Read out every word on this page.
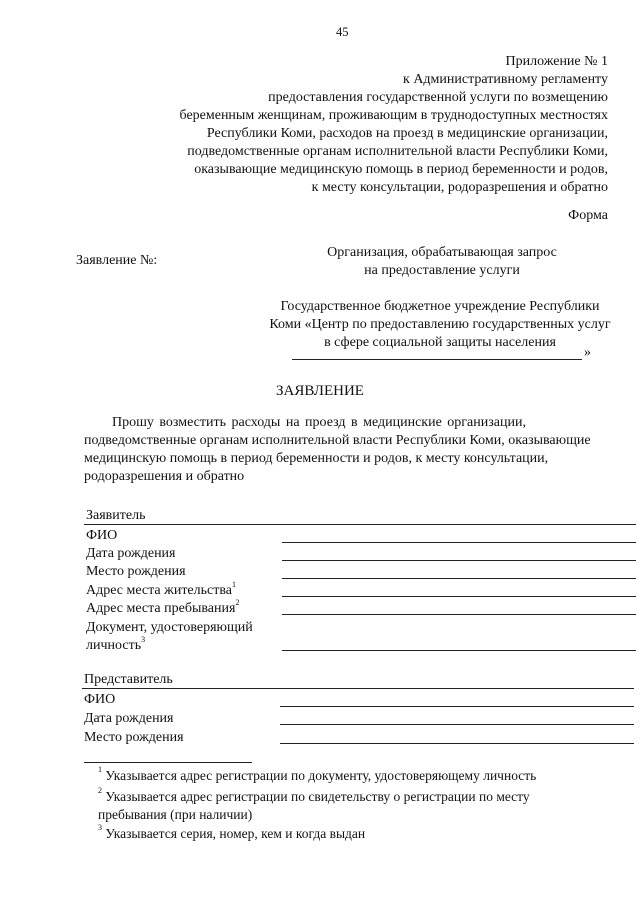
45
Приложение № 1
к Административному регламенту
предоставления государственной услуги по возмещению
беременным женщинам, проживающим в труднодоступных местностях
Республики Коми, расходов на проезд в медицинские организации,
подведомственные органам исполнительной власти Республики Коми,
оказывающие медицинскую помощь в период беременности и родов,
к месту консультации, родоразрешения и обратно
Форма
Заявление №:
Организация, обрабатывающая запрос
на предоставление услуги
Государственное бюджетное учреждение Республики
Коми «Центр по предоставлению государственных услуг
в сфере социальной защиты населения
»
ЗАЯВЛЕНИЕ
Прошу возместить расходы на проезд в медицинские организации,
подведомственные органам исполнительной власти Республики Коми, оказывающие
медицинскую помощь в период беременности и родов, к месту консультации,
родоразрешения и обратно
Заявитель
ФИО
Дата рождения
Место рождения
Адрес места жительства$^1$
Адрес места пребывания$^2$
Документ, удостоверяющий
личность$^3$
Представитель
ФИО
Дата рождения
Место рождения
$^1$ Указывается адрес регистрации по документу, удостоверяющему личность
$^2$ Указывается адрес регистрации по свидетельству о регистрации по месту
пребывания (при наличии)
$^3$ Указывается серия, номер, кем и когда выдан
